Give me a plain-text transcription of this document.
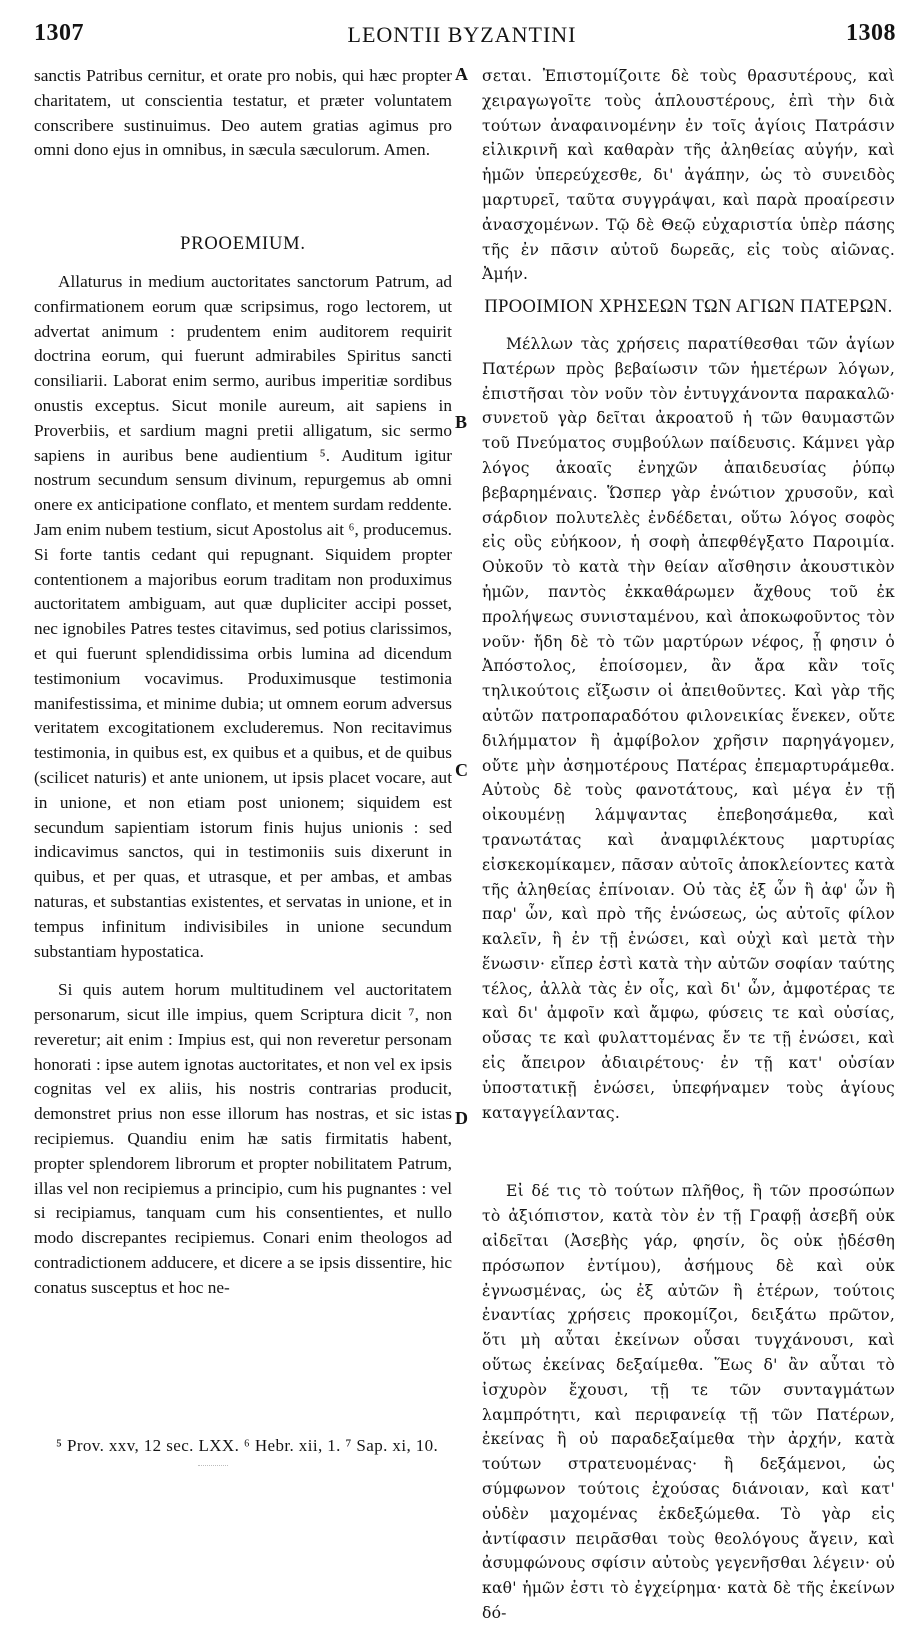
1307	LEONTII BYZANTINI	1308

sanctis Patribus cernitur, et orate pro nobis, qui hæc propter charitatem, ut conscientia testatur, et præter voluntatem conscribere sustinuimus. Deo autem gratias agimus pro omni dono ejus in omnibus, in sæcula sæculorum. Amen.

PROOEMIUM.

Allaturus in medium auctoritates sanctorum Patrum, ad confirmationem eorum quæ scripsimus, rogo lectorem, ut advertat animum : prudentem enim auditorem requirit doctrina eorum, qui fuerunt admirabiles Spiritus sancti consiliarii. Laborat enim sermo, auribus imperitiæ sordibus onustis exceptus. Sicut monile aureum, ait sapiens in Proverbiis, et sardium magni pretii alligatum, sic sermo sapiens in auribus bene audientium ⁵. Auditum igitur nostrum secundum sensum divinum, repurgemus ab omni onere ex anticipatione conflato, et mentem surdam reddente. Jam enim nubem testium, sicut Apostolus ait ⁶, producemus. Si forte tantis cedant qui repugnant. Siquidem propter contentionem a majoribus eorum traditam non produximus auctoritatem ambiguam, aut quæ dupliciter accipi posset, nec ignobiles Patres testes citavimus, sed potius clarissimos, et qui fuerunt splendidissima orbis lumina ad dicendum testimonium vocavimus. Produximusque testimonia manifestissima, et minime dubia; ut omnem eorum adversus veritatem excogitationem excluderemus. Non recitavimus testimonia, in quibus est, ex quibus et a quibus, et de quibus (scilicet naturis) et ante unionem, ut ipsis placet vocare, aut in unione, et non etiam post unionem; siquidem est secundum sapientiam istorum finis hujus unionis : sed indicavimus sanctos, qui in testimoniis suis dixerunt in quibus, et per quas, et utrasque, et per ambas, et ambas naturas, et substantias existentes, et servatas in unione, et in tempus infinitum indivisibiles in unione secundum substantiam hypostatica.

Si quis autem horum multitudinem vel auctoritatem personarum, sicut ille impius, quem Scriptura dicit ⁷, non reveretur; ait enim : Impius est, qui non reveretur personam honorati : ipse autem ignotas auctoritates, et non vel ex ipsis cognitas vel ex aliis, his nostris contrarias producit, demonstret prius non esse illorum has nostras, et sic istas recipiemus. Quandiu enim hæ satis firmitatis habent, propter splendorem librorum et propter nobilitatem Patrum, illas vel non recipiemus a principio, cum his pugnantes : vel si recipiamus, tanquam cum his consentientes, et nullo modo discrepantes recipiemus. Conari enim theologos ad contradictionem adducere, et dicere a se ipsis dissentire, hic conatus susceptus et hoc ne-

A
B
C
D

σεται. Ἐπιστομίζοιτε δὲ τοὺς θρασυτέρους, καὶ χειραγωγοῖτε τοὺς ἁπλουστέρους, ἐπὶ τὴν διὰ τούτων ἀναφαινομένην ἐν τοῖς ἁγίοις Πατράσιν εἰλικρινῆ καὶ καθαρὰν τῆς ἀληθείας αὐγήν, καὶ ἡμῶν ὑπερεύχεσθε, δι' ἀγάπην, ὡς τὸ συνειδὸς μαρτυρεῖ, ταῦτα συγγράψαι, καὶ παρὰ προαίρεσιν ἀνασχομένων. Τῷ δὲ Θεῷ εὐχαριστία ὑπὲρ πάσης τῆς ἐν πᾶσιν αὐτοῦ δωρεᾶς, εἰς τοὺς αἰῶνας. Ἀμήν.

ΠΡΟΟΙΜΙΟΝ ΧΡΗΣΕΩΝ ΤΩΝ ΑΓΙΩΝ ΠΑΤΕΡΩΝ.

Μέλλων τὰς χρήσεις παρατίθεσθαι τῶν ἁγίων Πατέρων πρὸς βεβαίωσιν τῶν ἡμετέρων λόγων, ἐπιστῆσαι τὸν νοῦν τὸν ἐντυγχάνοντα παρακαλῶ· συνετοῦ γὰρ δεῖται ἀκροατοῦ ἡ τῶν θαυμαστῶν τοῦ Πνεύματος συμβούλων παίδευσις. Κάμνει γὰρ λόγος ἀκοαῖς ἐνηχῶν ἀπαιδευσίας ῥύπῳ βεβαρημέναις. Ὥσπερ γὰρ ἐνώτιον χρυσοῦν, καὶ σάρδιον πολυτελὲς ἐνδέδεται, οὕτω λόγος σοφὸς εἰς οὓς εὐήκοον, ἡ σοφὴ ἀπεφθέγξατο Παροιμία. Οὐκοῦν τὸ κατὰ τὴν θείαν αἴσθησιν ἀκουστικὸν ἡμῶν, παντὸς ἐκκαθάρωμεν ἄχθους τοῦ ἐκ προλήψεως συνισταμένου, καὶ ἀποκωφοῦντος τὸν νοῦν· ἤδη δὲ τὸ τῶν μαρτύρων νέφος, ᾗ φησιν ὁ Ἀπόστολος, ἐποίσομεν, ἂν ἄρα κἂν τοῖς τηλικούτοις εἴξωσιν οἱ ἀπειθοῦντες. Καὶ γὰρ τῆς αὐτῶν πατροπαραδότου φιλονεικίας ἕνεκεν, οὔτε διλήμματον ἢ ἀμφίβολον χρῆσιν παρηγάγομεν, οὔτε μὴν ἀσημοτέρους Πατέρας ἐπεμαρτυράμεθα. Αὐτοὺς δὲ τοὺς φανοτάτους, καὶ μέγα ἐν τῇ οἰκουμένῃ λάμψαντας ἐπεβοησάμεθα, καὶ τρανωτάτας καὶ ἀναμφιλέκτους μαρτυρίας εἰσκεκομίκαμεν, πᾶσαν αὐτοῖς ἀποκλείοντες κατὰ τῆς ἀληθείας ἐπίνοιαν. Οὐ τὰς ἐξ ὧν ἢ ἀφ' ὧν ἢ παρ' ὧν, καὶ πρὸ τῆς ἑνώσεως, ὡς αὐτοῖς φίλον καλεῖν, ἢ ἐν τῇ ἑνώσει, καὶ οὐχὶ καὶ μετὰ τὴν ἕνωσιν· εἴπερ ἐστὶ κατὰ τὴν αὐτῶν σοφίαν ταύτης τέλος, ἀλλὰ τὰς ἐν οἷς, καὶ δι' ὧν, ἀμφοτέρας τε καὶ δι' ἀμφοῖν καὶ ἄμφω, φύσεις τε καὶ οὐσίας, οὔσας τε καὶ φυλαττομένας ἔν τε τῇ ἑνώσει, καὶ εἰς ἄπειρον ἀδιαιρέτους· ἐν τῇ κατ' οὐσίαν ὑποστατικῇ ἑνώσει, ὑπεφήναμεν τοὺς ἁγίους καταγγείλαντας.

Εἰ δέ τις τὸ τούτων πλῆθος, ἢ τῶν προσώπων τὸ ἀξιόπιστον, κατὰ τὸν ἐν τῇ Γραφῇ ἀσεβῆ οὐκ αἰδεῖται (Ἀσεβὴς γάρ, φησίν, ὃς οὐκ ᾐδέσθη πρόσωπον ἐντίμου), ἀσήμους δὲ καὶ οὐκ ἐγνωσμένας, ὡς ἐξ αὐτῶν ἢ ἑτέρων, τούτοις ἐναντίας χρήσεις προκομίζοι, δειξάτω πρῶτον, ὅτι μὴ αὗται ἐκείνων οὖσαι τυγχάνουσι, καὶ οὕτως ἐκείνας δεξαίμεθα. Ἕως δ' ἂν αὗται τὸ ἰσχυρὸν ἔχουσι, τῇ τε τῶν συνταγμάτων λαμπρότητι, καὶ περιφανείᾳ τῇ τῶν Πατέρων, ἐκείνας ἢ οὐ παραδεξαίμεθα τὴν ἀρχήν, κατὰ τούτων στρατευομένας· ἢ δεξάμενοι, ὡς σύμφωνον τούτοις ἐχούσας διάνοιαν, καὶ κατ' οὐδὲν μαχομένας ἐκδεξώμεθα. Τὸ γὰρ εἰς ἀντίφασιν πειρᾶσθαι τοὺς θεολόγους ἄγειν, καὶ ἀσυμφώνους σφίσιν αὐτοὺς γεγενῆσθαι λέγειν· οὐ καθ' ἡμῶν ἐστι τὸ ἐγχείρημα· κατὰ δὲ τῆς ἐκείνων δό-

⁵ Prov. xxv, 12 sec. LXX. ⁶ Hebr. xii, 1. ⁷ Sap. xi, 10.
